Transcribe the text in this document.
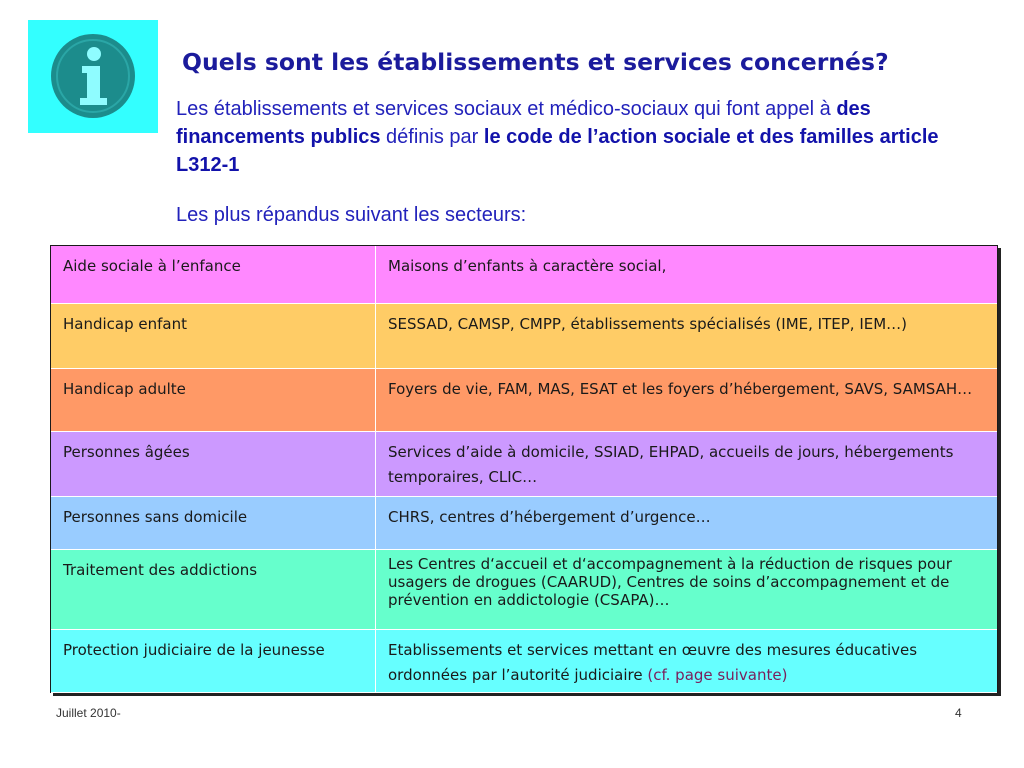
Quels sont les établissements et services concernés?
Les établissements et services sociaux et médico-sociaux qui font appel à des financements publics définis par le code de l’action sociale et des familles article L312-1
Les plus répandus suivant les secteurs:
Aide sociale à l’enfance	Maisons d’enfants à caractère social,
Handicap enfant	SESSAD, CAMSP, CMPP, établissements spécialisés (IME, ITEP, IEM…)
Handicap adulte	Foyers de vie, FAM, MAS, ESAT et les foyers d’hébergement, SAVS, SAMSAH…
Personnes âgées	Services d’aide à domicile, SSIAD, EHPAD, accueils de jours, hébergements temporaires, CLIC…
Personnes sans domicile	CHRS, centres d’hébergement d’urgence…
Traitement des addictions	Les Centres d‘accueil et d‘accompagnement à la réduction de risques pour usagers de drogues (CAARUD), Centres de soins d’accompagnement et de prévention en addictologie (CSAPA)…
Protection judiciaire de la jeunesse	Etablissements et services mettant en œuvre des mesures éducatives ordonnées par l’autorité judiciaire (cf. page suivante)
Juillet 2010-	4
